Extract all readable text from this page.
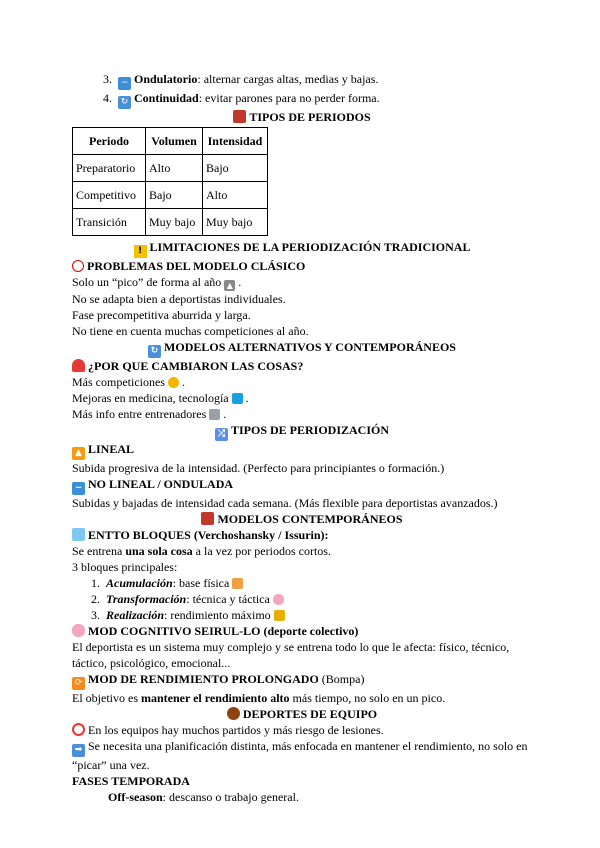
3. ~ Ondulatorio: alternar cargas altas, medias y bajas.
4. ↻ Continuidad: evitar parones para no perder forma.
TIPOS DE PERIODOS
Periodo	Volumen	Intensidad
Preparatorio	Alto	Bajo
Competitivo	Bajo	Alto
Transición	Muy bajo	Muy bajo
! LIMITACIONES DE LA PERIODIZACIÓN TRADICIONAL
PROBLEMAS DEL MODELO CLÁSICO
Solo un “pico” de forma al año ▲ .
No se adapta bien a deportistas individuales.
Fase precompetitiva aburrida y larga.
No tiene en cuenta muchas competiciones al año.
↻ MODELOS ALTERNATIVOS Y CONTEMPORÁNEOS
¿POR QUE CAMBIARON LAS COSAS?
Más competiciones .
Mejoras en medicina, tecnología .
Más info entre entrenadores .
⤮ TIPOS DE PERIODIZACIÓN
▲ LINEAL
Subida progresiva de la intensidad. (Perfecto para principiantes o formación.)
~ NO LINEAL / ONDULADA
Subidas y bajadas de intensidad cada semana. (Más flexible para deportistas avanzados.)
MODELOS CONTEMPORÁNEOS
ENTTO BLOQUES (Verchoshansky / Issurin):
Se entrena una sola cosa a la vez por periodos cortos.
3 bloques principales:
1. Acumulación: base física
2. Transformación: técnica y táctica
3. Realización: rendimiento máximo
MOD COGNITIVO SEIRUL-LO (deporte colectivo)
El deportista es un sistema muy complejo y se entrena todo lo que le afecta: físico, técnico, táctico, psicológico, emocional...
⟳ MOD DE RENDIMIENTO PROLONGADO (Bompa)
El objetivo es mantener el rendimiento alto más tiempo, no solo en un pico.
DEPORTES DE EQUIPO
En los equipos hay muchos partidos y más riesgo de lesiones.
➡ Se necesita una planificación distinta, más enfocada en mantener el rendimiento, no solo en “picar” una vez.
FASES TEMPORADA
Off-season: descanso o trabajo general.
